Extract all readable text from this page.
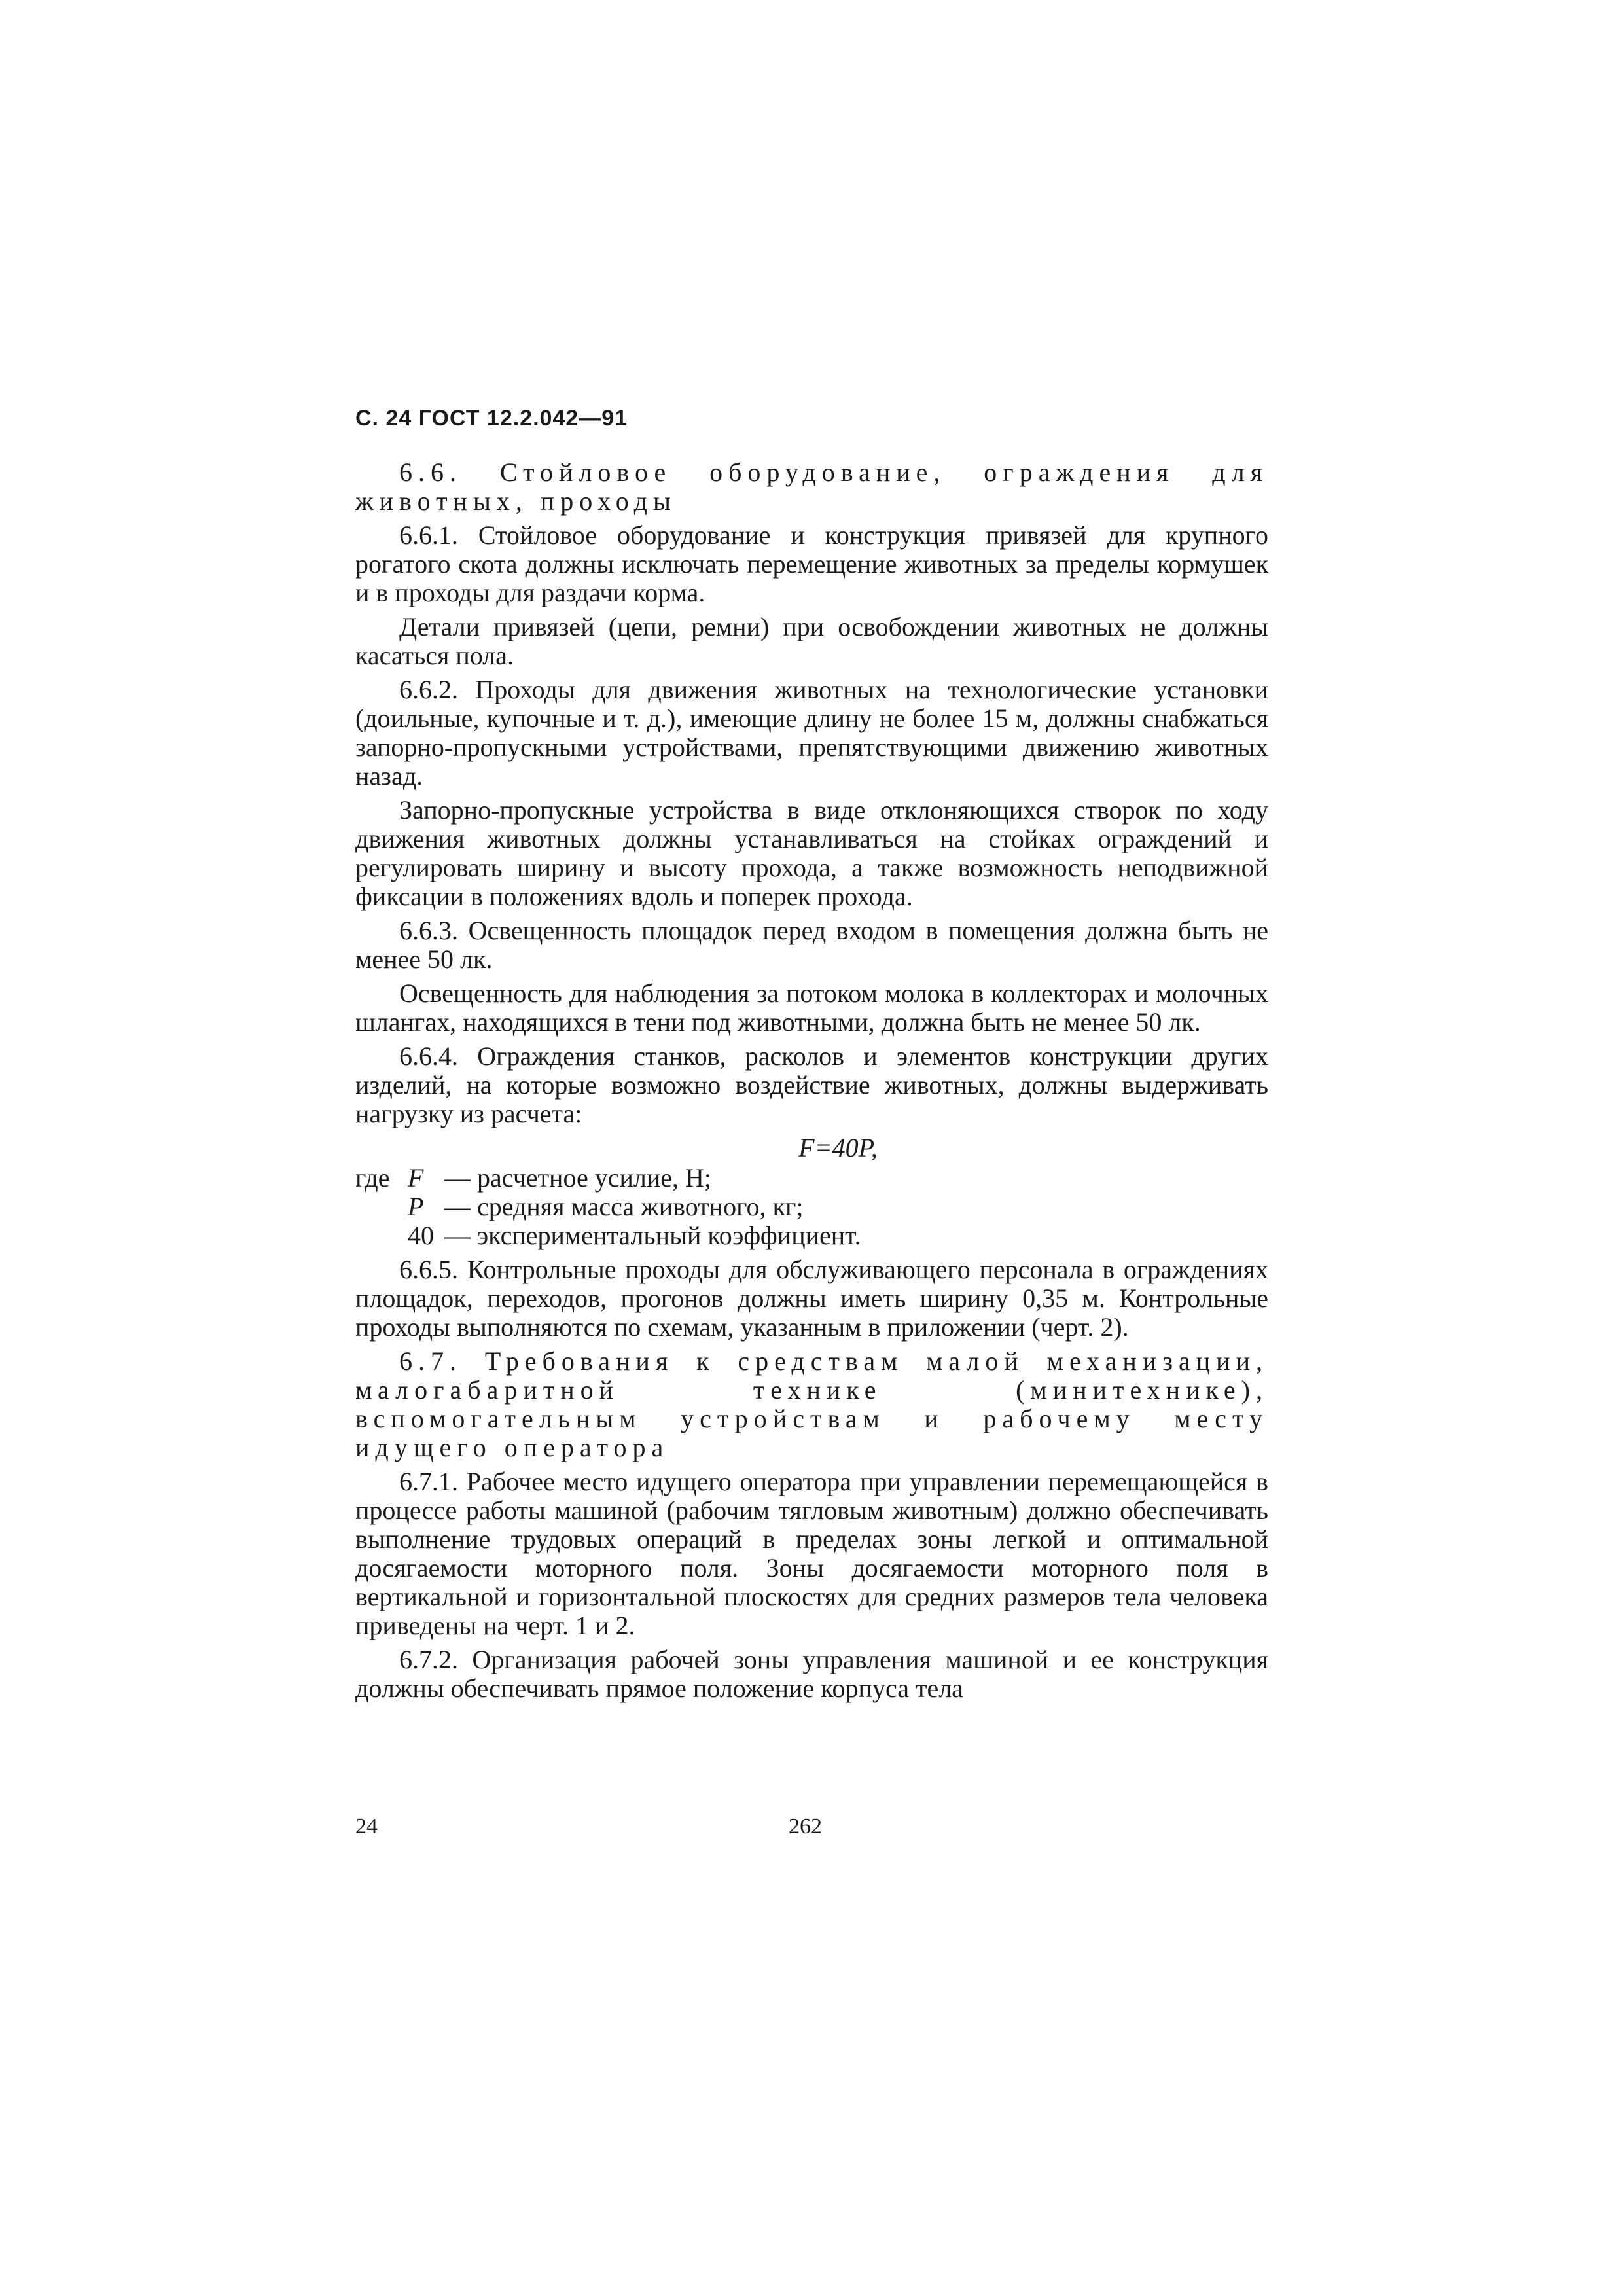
С. 24 ГОСТ 12.2.042—91

6.6. Стойловое оборудование, ограждения для животных, проходы

6.6.1. Стойловое оборудование и конструкция привязей для крупного рогатого скота должны исключать перемещение животных за пределы кормушек и в проходы для раздачи корма.

Детали привязей (цепи, ремни) при освобождении животных не должны касаться пола.

6.6.2. Проходы для движения животных на технологические установки (доильные, купочные и т. д.), имеющие длину не более 15 м, должны снабжаться запорно-пропускными устройствами, препятствующими движению животных назад.

Запорно-пропускные устройства в виде отклоняющихся створок по ходу движения животных должны устанавливаться на стойках ограждений и регулировать ширину и высоту прохода, а также возможность неподвижной фиксации в положениях вдоль и поперек прохода.

6.6.3. Освещенность площадок перед входом в помещения должна быть не менее 50 лк.

Освещенность для наблюдения за потоком молока в коллекторах и молочных шлангах, находящихся в тени под животными, должна быть не менее 50 лк.

6.6.4. Ограждения станков, расколов и элементов конструкции других изделий, на которые возможно воздействие животных, должны выдерживать нагрузку из расчета:

F=40P,
где F — расчетное усилие, Н;
P — средняя масса животного, кг;
40 — экспериментальный коэффициент.

6.6.5. Контрольные проходы для обслуживающего персонала в ограждениях площадок, переходов, прогонов должны иметь ширину 0,35 м. Контрольные проходы выполняются по схемам, указанным в приложении (черт. 2).

6.7. Требования к средствам малой механизации, малогабаритной технике (минитехнике), вспомогательным устройствам и рабочему месту идущего оператора

6.7.1. Рабочее место идущего оператора при управлении перемещающейся в процессе работы машиной (рабочим тягловым животным) должно обеспечивать выполнение трудовых операций в пределах зоны легкой и оптимальной досягаемости моторного поля. Зоны досягаемости моторного поля в вертикальной и горизонтальной плоскостях для средних размеров тела человека приведены на черт. 1 и 2.

6.7.2. Организация рабочей зоны управления машиной и ее конструкция должны обеспечивать прямое положение корпуса тела

24	262
